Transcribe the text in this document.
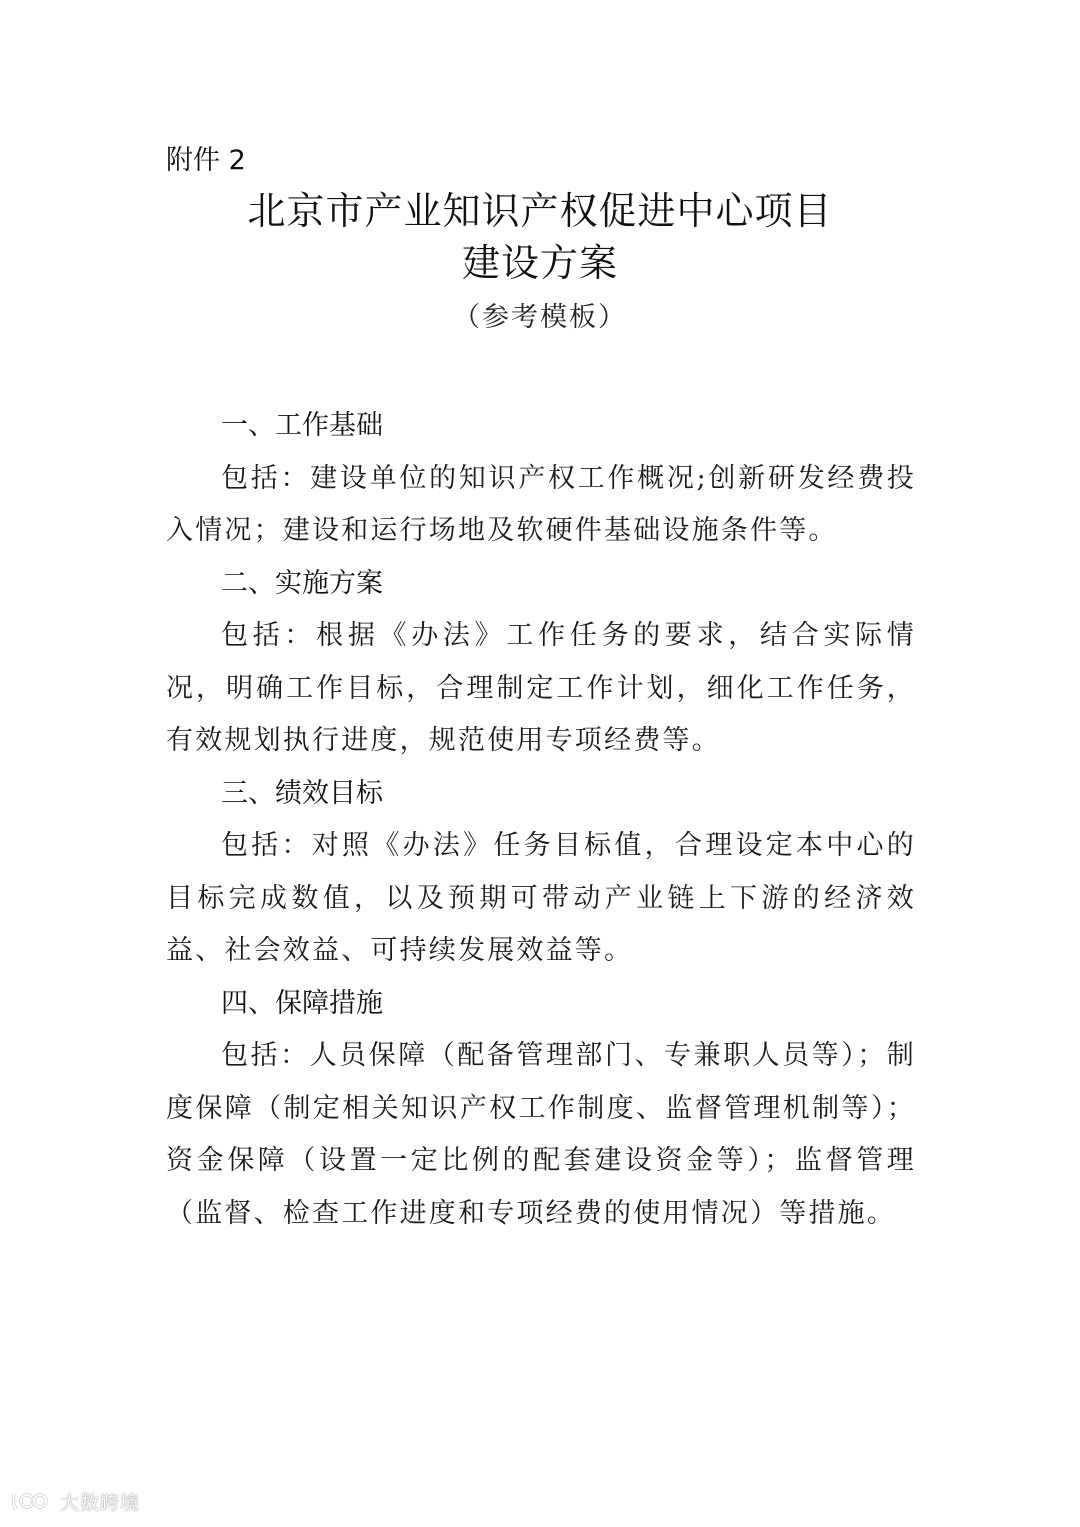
附件 2
北京市产业知识产权促进中心项目
建设方案
（参考模板）
一、工作基础
包括：建设单位的知识产权工作概况;创新研发经费投入情况；建设和运行场地及软硬件基础设施条件等。
二、实施方案
包括：根据《办法》工作任务的要求，结合实际情况，明确工作目标，合理制定工作计划，细化工作任务，有效规划执行进度，规范使用专项经费等。
三、绩效目标
包括：对照《办法》任务目标值，合理设定本中心的目标完成数值，以及预期可带动产业链上下游的经济效益、社会效益、可持续发展效益等。
四、保障措施
包括：人员保障（配备管理部门、专兼职人员等）；制度保障（制定相关知识产权工作制度、监督管理机制等）；资金保障（设置一定比例的配套建设资金等）；监督管理（监督、检查工作进度和专项经费的使用情况）等措施。
大数跨境
